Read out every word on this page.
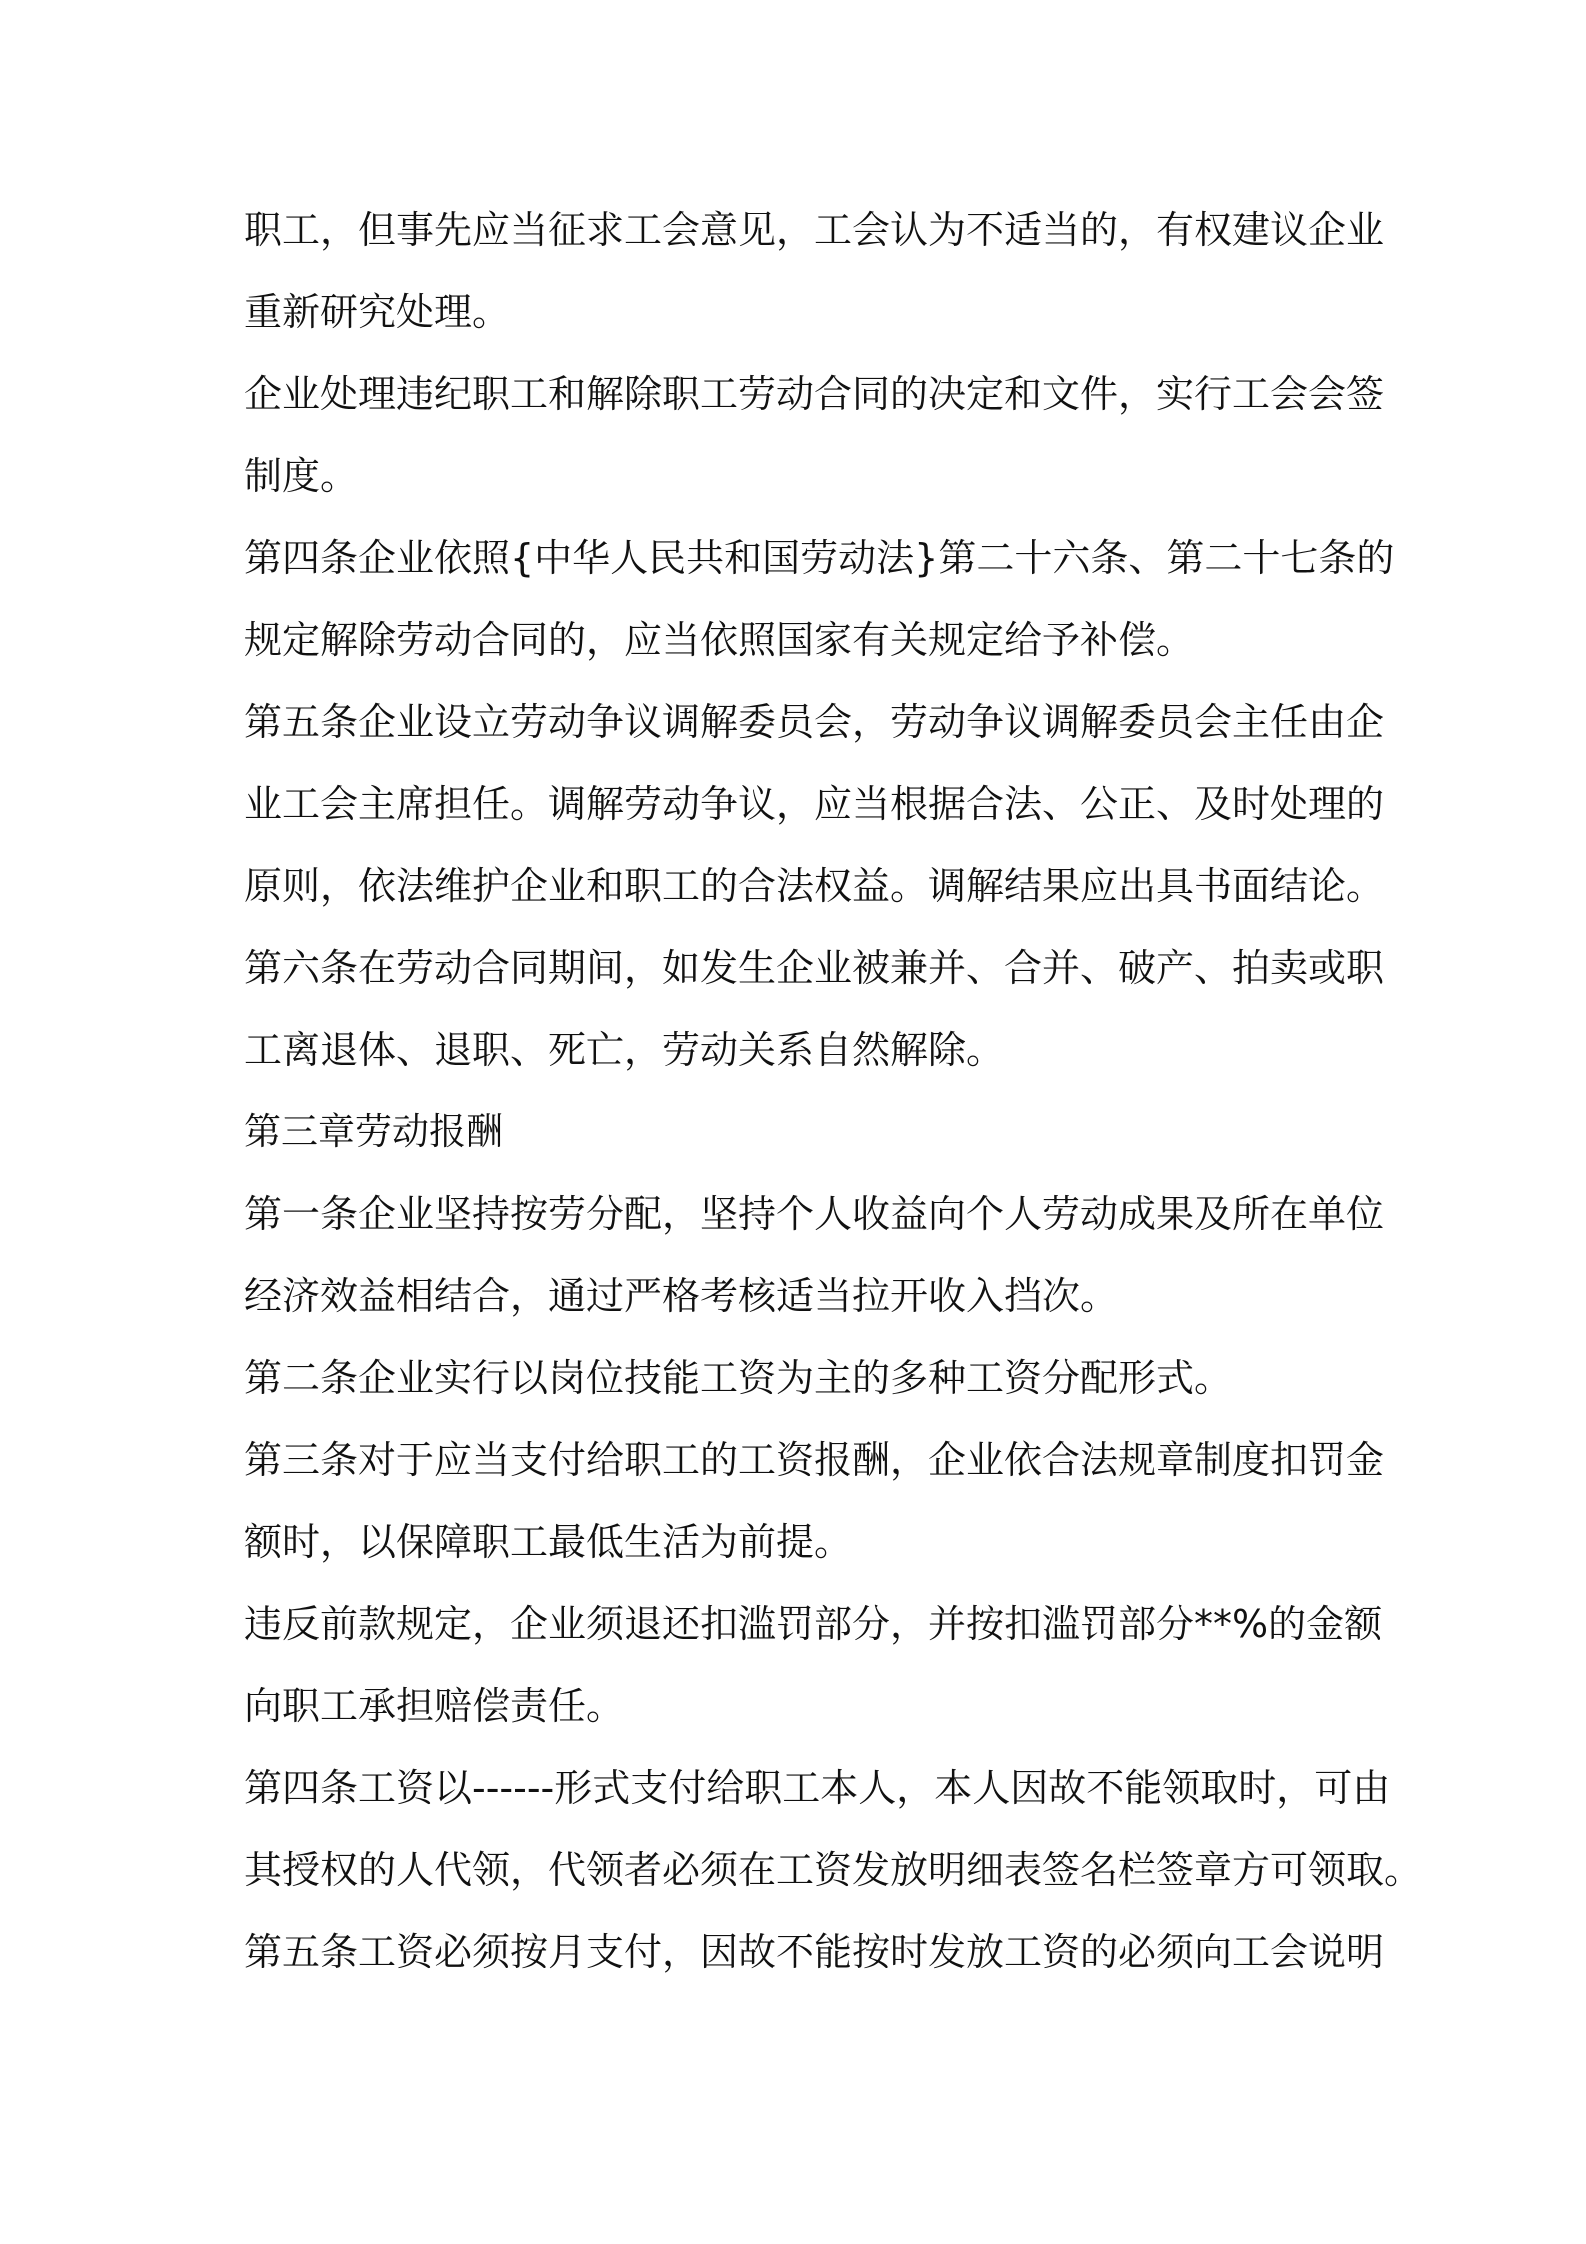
职工，但事先应当征求工会意见，工会认为不适当的，有权建议企业
重新研究处理。
企业处理违纪职工和解除职工劳动合同的决定和文件，实行工会会签
制度。
第四条企业依照{中华人民共和国劳动法}第二十六条、第二十七条的
规定解除劳动合同的，应当依照国家有关规定给予补偿。
第五条企业设立劳动争议调解委员会，劳动争议调解委员会主任由企
业工会主席担任。调解劳动争议，应当根据合法、公正、及时处理的
原则，依法维护企业和职工的合法权益。调解结果应出具书面结论。
第六条在劳动合同期间，如发生企业被兼并、合并、破产、拍卖或职
工离退体、退职、死亡，劳动关系自然解除。
第三章劳动报酬
第一条企业坚持按劳分配，坚持个人收益向个人劳动成果及所在单位
经济效益相结合，通过严格考核适当拉开收入挡次。
第二条企业实行以岗位技能工资为主的多种工资分配形式。
第三条对于应当支付给职工的工资报酬，企业依合法规章制度扣罚金
额时，以保障职工最低生活为前提。
违反前款规定，企业须退还扣滥罚部分，并按扣滥罚部分**%的金额
向职工承担赔偿责任。
第四条工资以------形式支付给职工本人，本人因故不能领取时，可由
其授权的人代领，代领者必须在工资发放明细表签名栏签章方可领取。
第五条工资必须按月支付，因故不能按时发放工资的必须向工会说明
